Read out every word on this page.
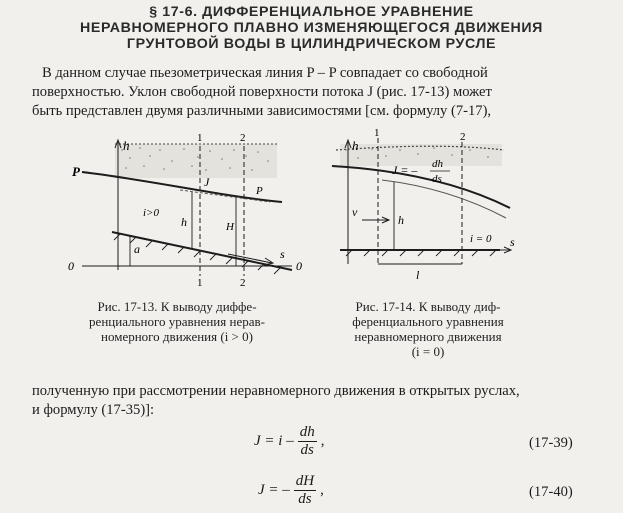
§ 17-6. ДИФФЕРЕНЦИАЛЬНОЕ УРАВНЕНИЕ
НЕРАВНОМЕРНОГО ПЛАВНО ИЗМЕНЯЮЩЕГОСЯ ДВИЖЕНИЯ
ГРУНТОВОЙ ВОДЫ В ЦИЛИНДРИЧЕСКОМ РУСЛЕ
В данном случае пьезометрическая линия P – P совпадает со свободной
поверхностью. Уклон свободной поверхности потока J (рис. 17-13) может
быть представлен двумя различными зависимостями [см. формулу (7-17),
h	1	2
P
P
J
i>0
h	H
a	s
0	0
1	2
h
1	2
J = – dh
ds
v
h
i = 0 s
l
Рис. 17-13. К выводу диффе-
ренциального уравнения нерав-
номерного движения (i > 0)
Рис. 17-14. К выводу диф-
ференциального уравнения
неравномерного движения
(i = 0)
полученную при рассмотрении неравномерного движения в открытых руслах,
и формулу (17-35)]:
$J = i - \frac{dh}{ds}$ ,	(17-39)
J = – $\frac{dH}{ds}$ ,	(17-40)
